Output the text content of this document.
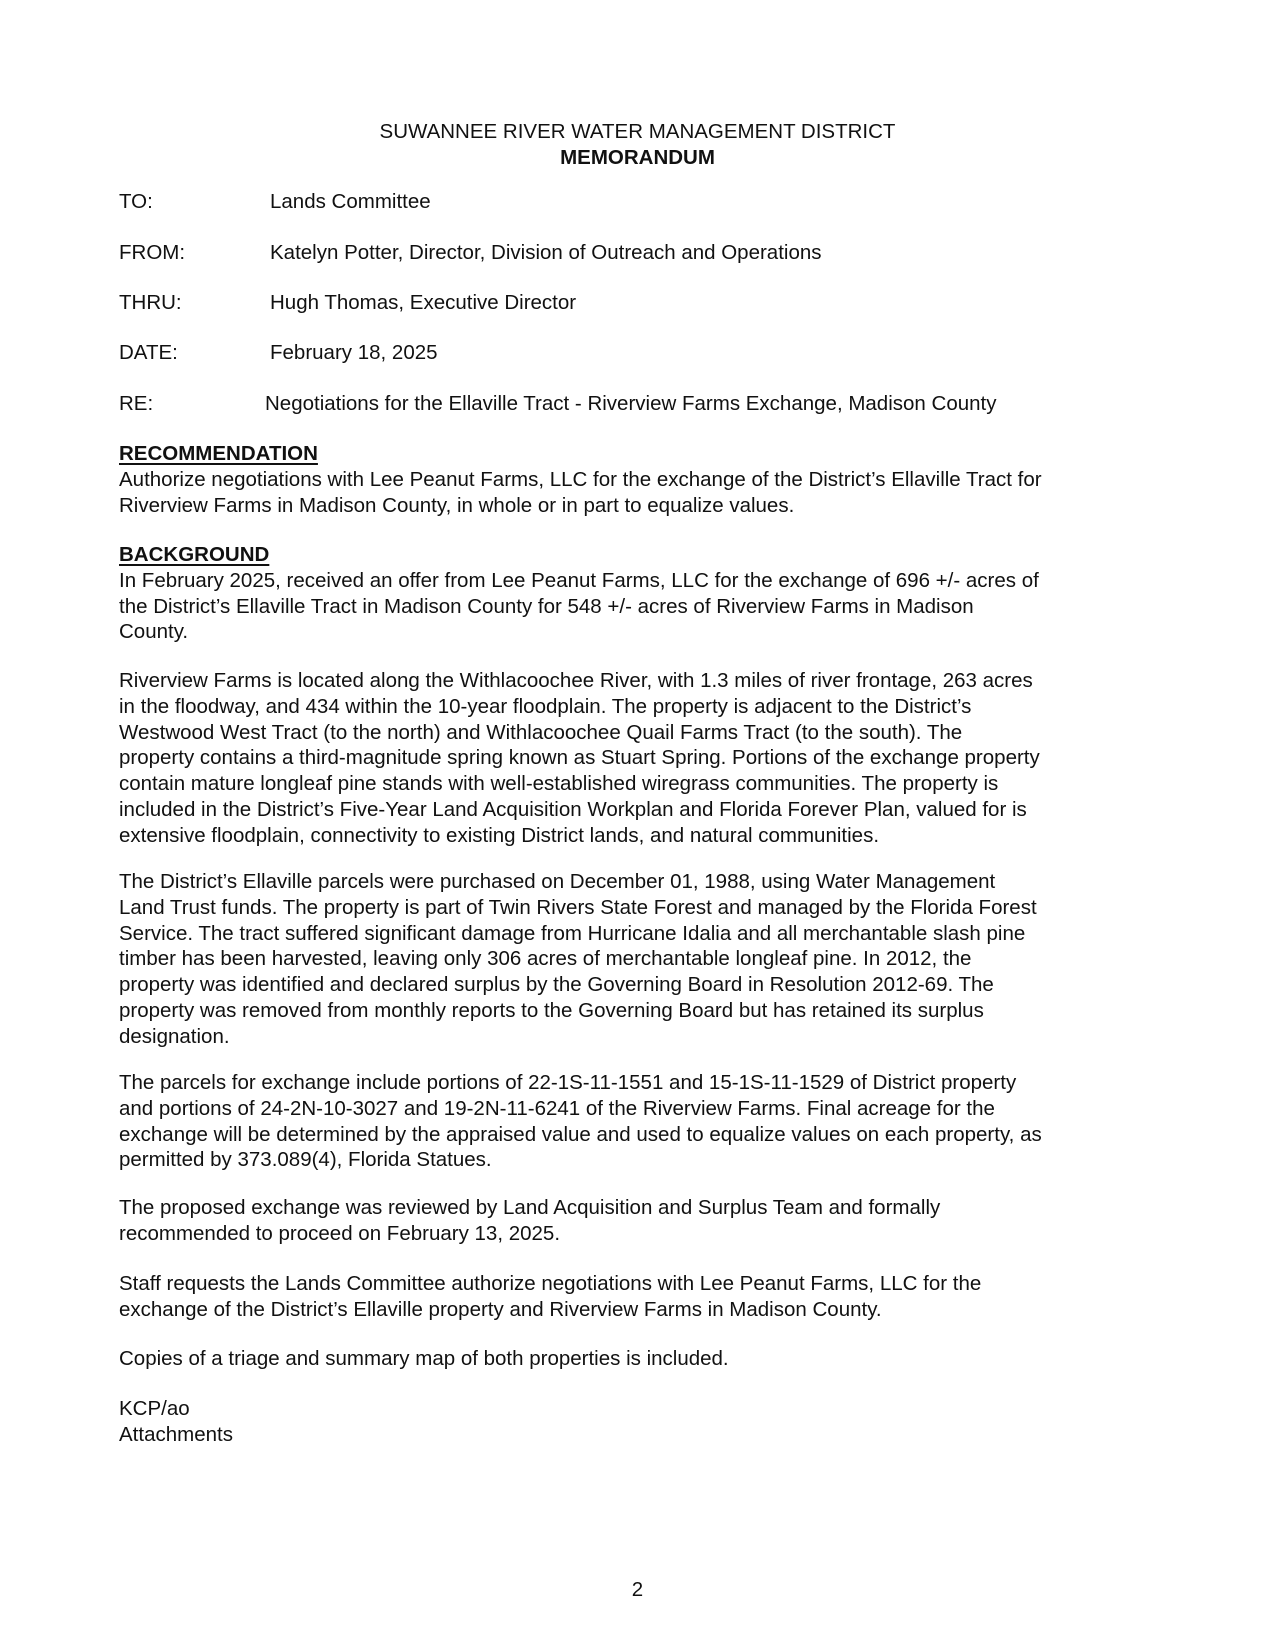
SUWANNEE RIVER WATER MANAGEMENT DISTRICT
MEMORANDUM
TO:	Lands Committee
FROM:	Katelyn Potter, Director, Division of Outreach and Operations
THRU:	Hugh Thomas, Executive Director
DATE:	February 18, 2025
RE:	Negotiations for the Ellaville Tract - Riverview Farms Exchange, Madison County
RECOMMENDATION
Authorize negotiations with Lee Peanut Farms, LLC for the exchange of the District’s Ellaville Tract for
Riverview Farms in Madison County, in whole or in part to equalize values.
BACKGROUND
In February 2025, received an offer from Lee Peanut Farms, LLC for the exchange of 696 +/- acres of
the District’s Ellaville Tract in Madison County for 548 +/- acres of Riverview Farms in Madison
County.
Riverview Farms is located along the Withlacoochee River, with 1.3 miles of river frontage, 263 acres
in the floodway, and 434 within the 10-year floodplain. The property is adjacent to the District’s
Westwood West Tract (to the north) and Withlacoochee Quail Farms Tract (to the south). The
property contains a third-magnitude spring known as Stuart Spring. Portions of the exchange property
contain mature longleaf pine stands with well-established wiregrass communities. The property is
included in the District’s Five-Year Land Acquisition Workplan and Florida Forever Plan, valued for is
extensive floodplain, connectivity to existing District lands, and natural communities.
The District’s Ellaville parcels were purchased on December 01, 1988, using Water Management
Land Trust funds. The property is part of Twin Rivers State Forest and managed by the Florida Forest
Service. The tract suffered significant damage from Hurricane Idalia and all merchantable slash pine
timber has been harvested, leaving only 306 acres of merchantable longleaf pine. In 2012, the
property was identified and declared surplus by the Governing Board in Resolution 2012-69. The
property was removed from monthly reports to the Governing Board but has retained its surplus
designation.
The parcels for exchange include portions of 22-1S-11-1551 and 15-1S-11-1529 of District property
and portions of 24-2N-10-3027 and 19-2N-11-6241 of the Riverview Farms. Final acreage for the
exchange will be determined by the appraised value and used to equalize values on each property, as
permitted by 373.089(4), Florida Statues.
The proposed exchange was reviewed by Land Acquisition and Surplus Team and formally
recommended to proceed on February 13, 2025.
Staff requests the Lands Committee authorize negotiations with Lee Peanut Farms, LLC for the
exchange of the District’s Ellaville property and Riverview Farms in Madison County.
Copies of a triage and summary map of both properties is included.
KCP/ao
Attachments
2
